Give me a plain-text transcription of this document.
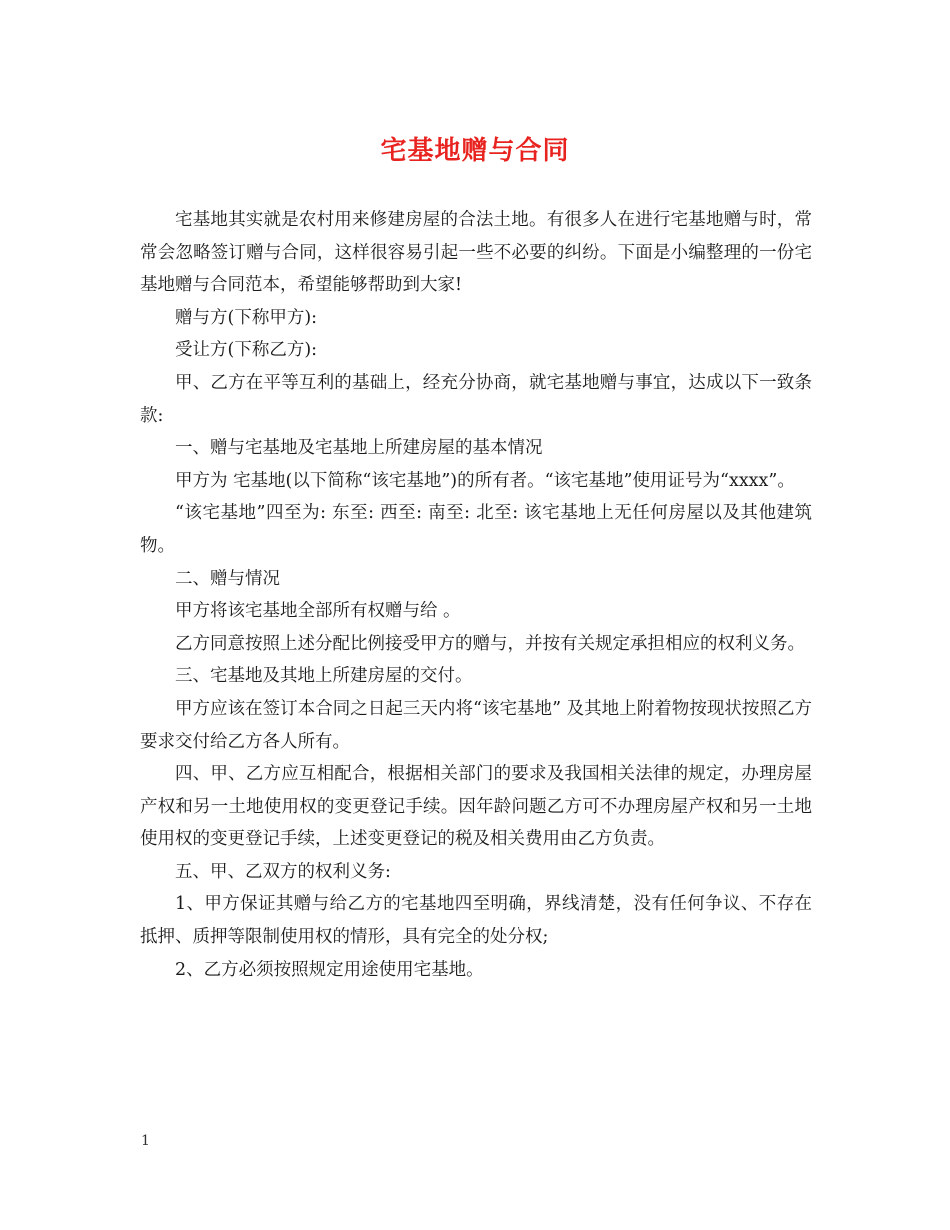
宅基地赠与合同

宅基地其实就是农村用来修建房屋的合法土地。有很多人在进行宅基地赠与时，常常会忽略签订赠与合同，这样很容易引起一些不必要的纠纷。下面是小编整理的一份宅基地赠与合同范本，希望能够帮助到大家!

赠与方(下称甲方):

受让方(下称乙方):

甲、乙方在平等互利的基础上，经充分协商，就宅基地赠与事宜，达成以下一致条款:

一、赠与宅基地及宅基地上所建房屋的基本情况

甲方为 宅基地(以下简称“该宅基地”)的所有者。“该宅基地”使用证号为“xxxx”。

“该宅基地”四至为: 东至: 西至: 南至: 北至: 该宅基地上无任何房屋以及其他建筑物。

二、赠与情况

甲方将该宅基地全部所有权赠与给 。

乙方同意按照上述分配比例接受甲方的赠与，并按有关规定承担相应的权利义务。

三、宅基地及其地上所建房屋的交付。

甲方应该在签订本合同之日起三天内将“该宅基地” 及其地上附着物按现状按照乙方要求交付给乙方各人所有。

四、甲、乙方应互相配合，根据相关部门的要求及我国相关法律的规定，办理房屋产权和另一土地使用权的变更登记手续。因年龄问题乙方可不办理房屋产权和另一土地使用权的变更登记手续，上述变更登记的税及相关费用由乙方负责。

五、甲、乙双方的权利义务:

1、甲方保证其赠与给乙方的宅基地四至明确，界线清楚，没有任何争议、不存在抵押、质押等限制使用权的情形，具有完全的处分权;

2、乙方必须按照规定用途使用宅基地。

1
